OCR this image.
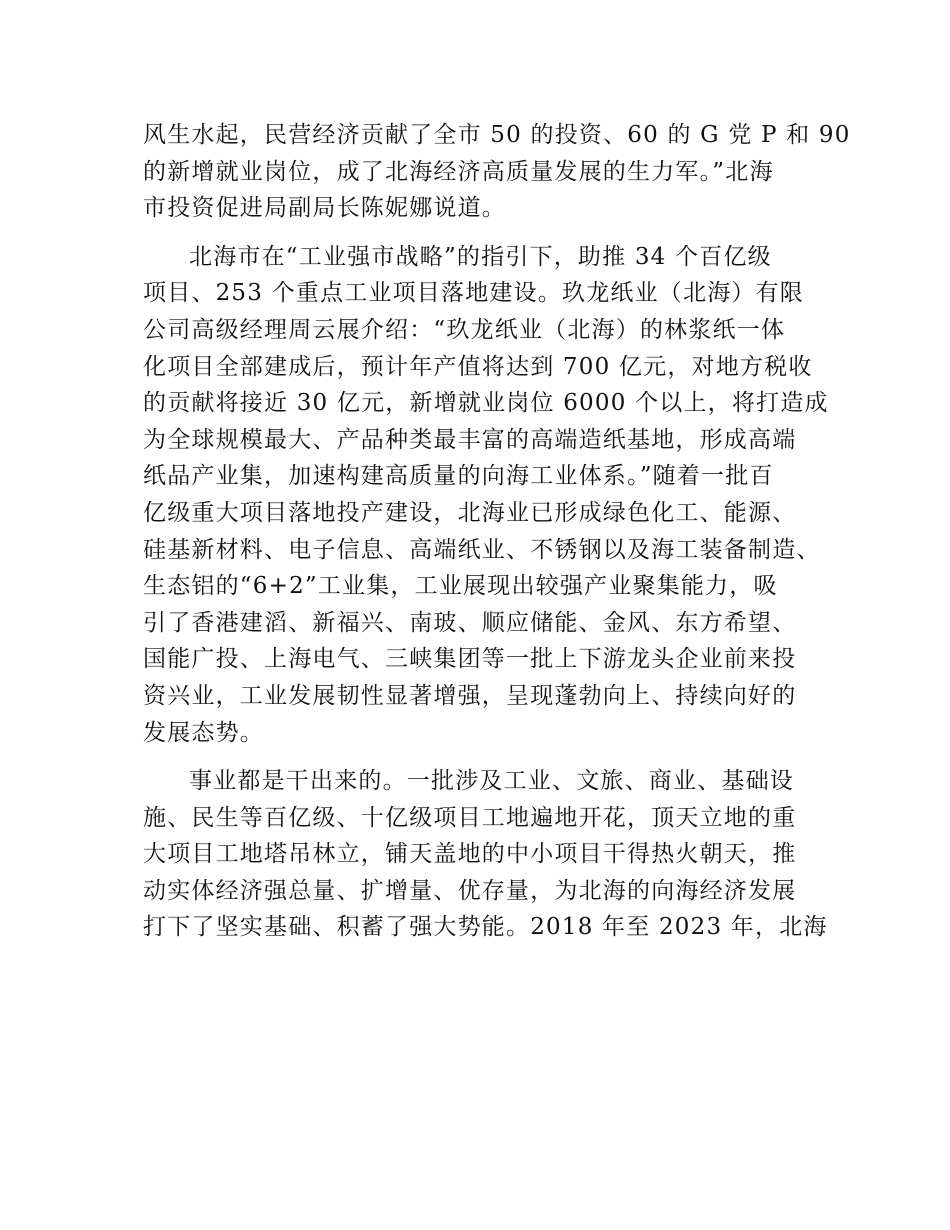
风生水起，民营经济贡献了全市 50 的投资、60 的 G 党 P 和 90
的新增就业岗位，成了北海经济高质量发展的生力军。”北海
市投资促进局副局长陈妮娜说道。
北海市在“工业强市战略”的指引下，助推 34 个百亿级
项目、253 个重点工业项目落地建设。玖龙纸业（北海）有限
公司高级经理周云展介绍：“玖龙纸业（北海）的林浆纸一体
化项目全部建成后，预计年产值将达到 700 亿元，对地方税收
的贡献将接近 30 亿元，新增就业岗位 6000 个以上，将打造成
为全球规模最大、产品种类最丰富的高端造纸基地，形成高端
纸品产业集，加速构建高质量的向海工业体系。”随着一批百
亿级重大项目落地投产建设，北海业已形成绿色化工、能源、
硅基新材料、电子信息、高端纸业、不锈钢以及海工装备制造、
生态铝的“6+2”工业集，工业展现出较强产业聚集能力，吸
引了香港建滔、新福兴、南玻、顺应储能、金风、东方希望、
国能广投、上海电气、三峡集团等一批上下游龙头企业前来投
资兴业，工业发展韧性显著增强，呈现蓬勃向上、持续向好的
发展态势。
事业都是干出来的。一批涉及工业、文旅、商业、基础设
施、民生等百亿级、十亿级项目工地遍地开花，顶天立地的重
大项目工地塔吊林立，铺天盖地的中小项目干得热火朝天，推
动实体经济强总量、扩增量、优存量，为北海的向海经济发展
打下了坚实基础、积蓄了强大势能。2018 年至 2023 年，北海
